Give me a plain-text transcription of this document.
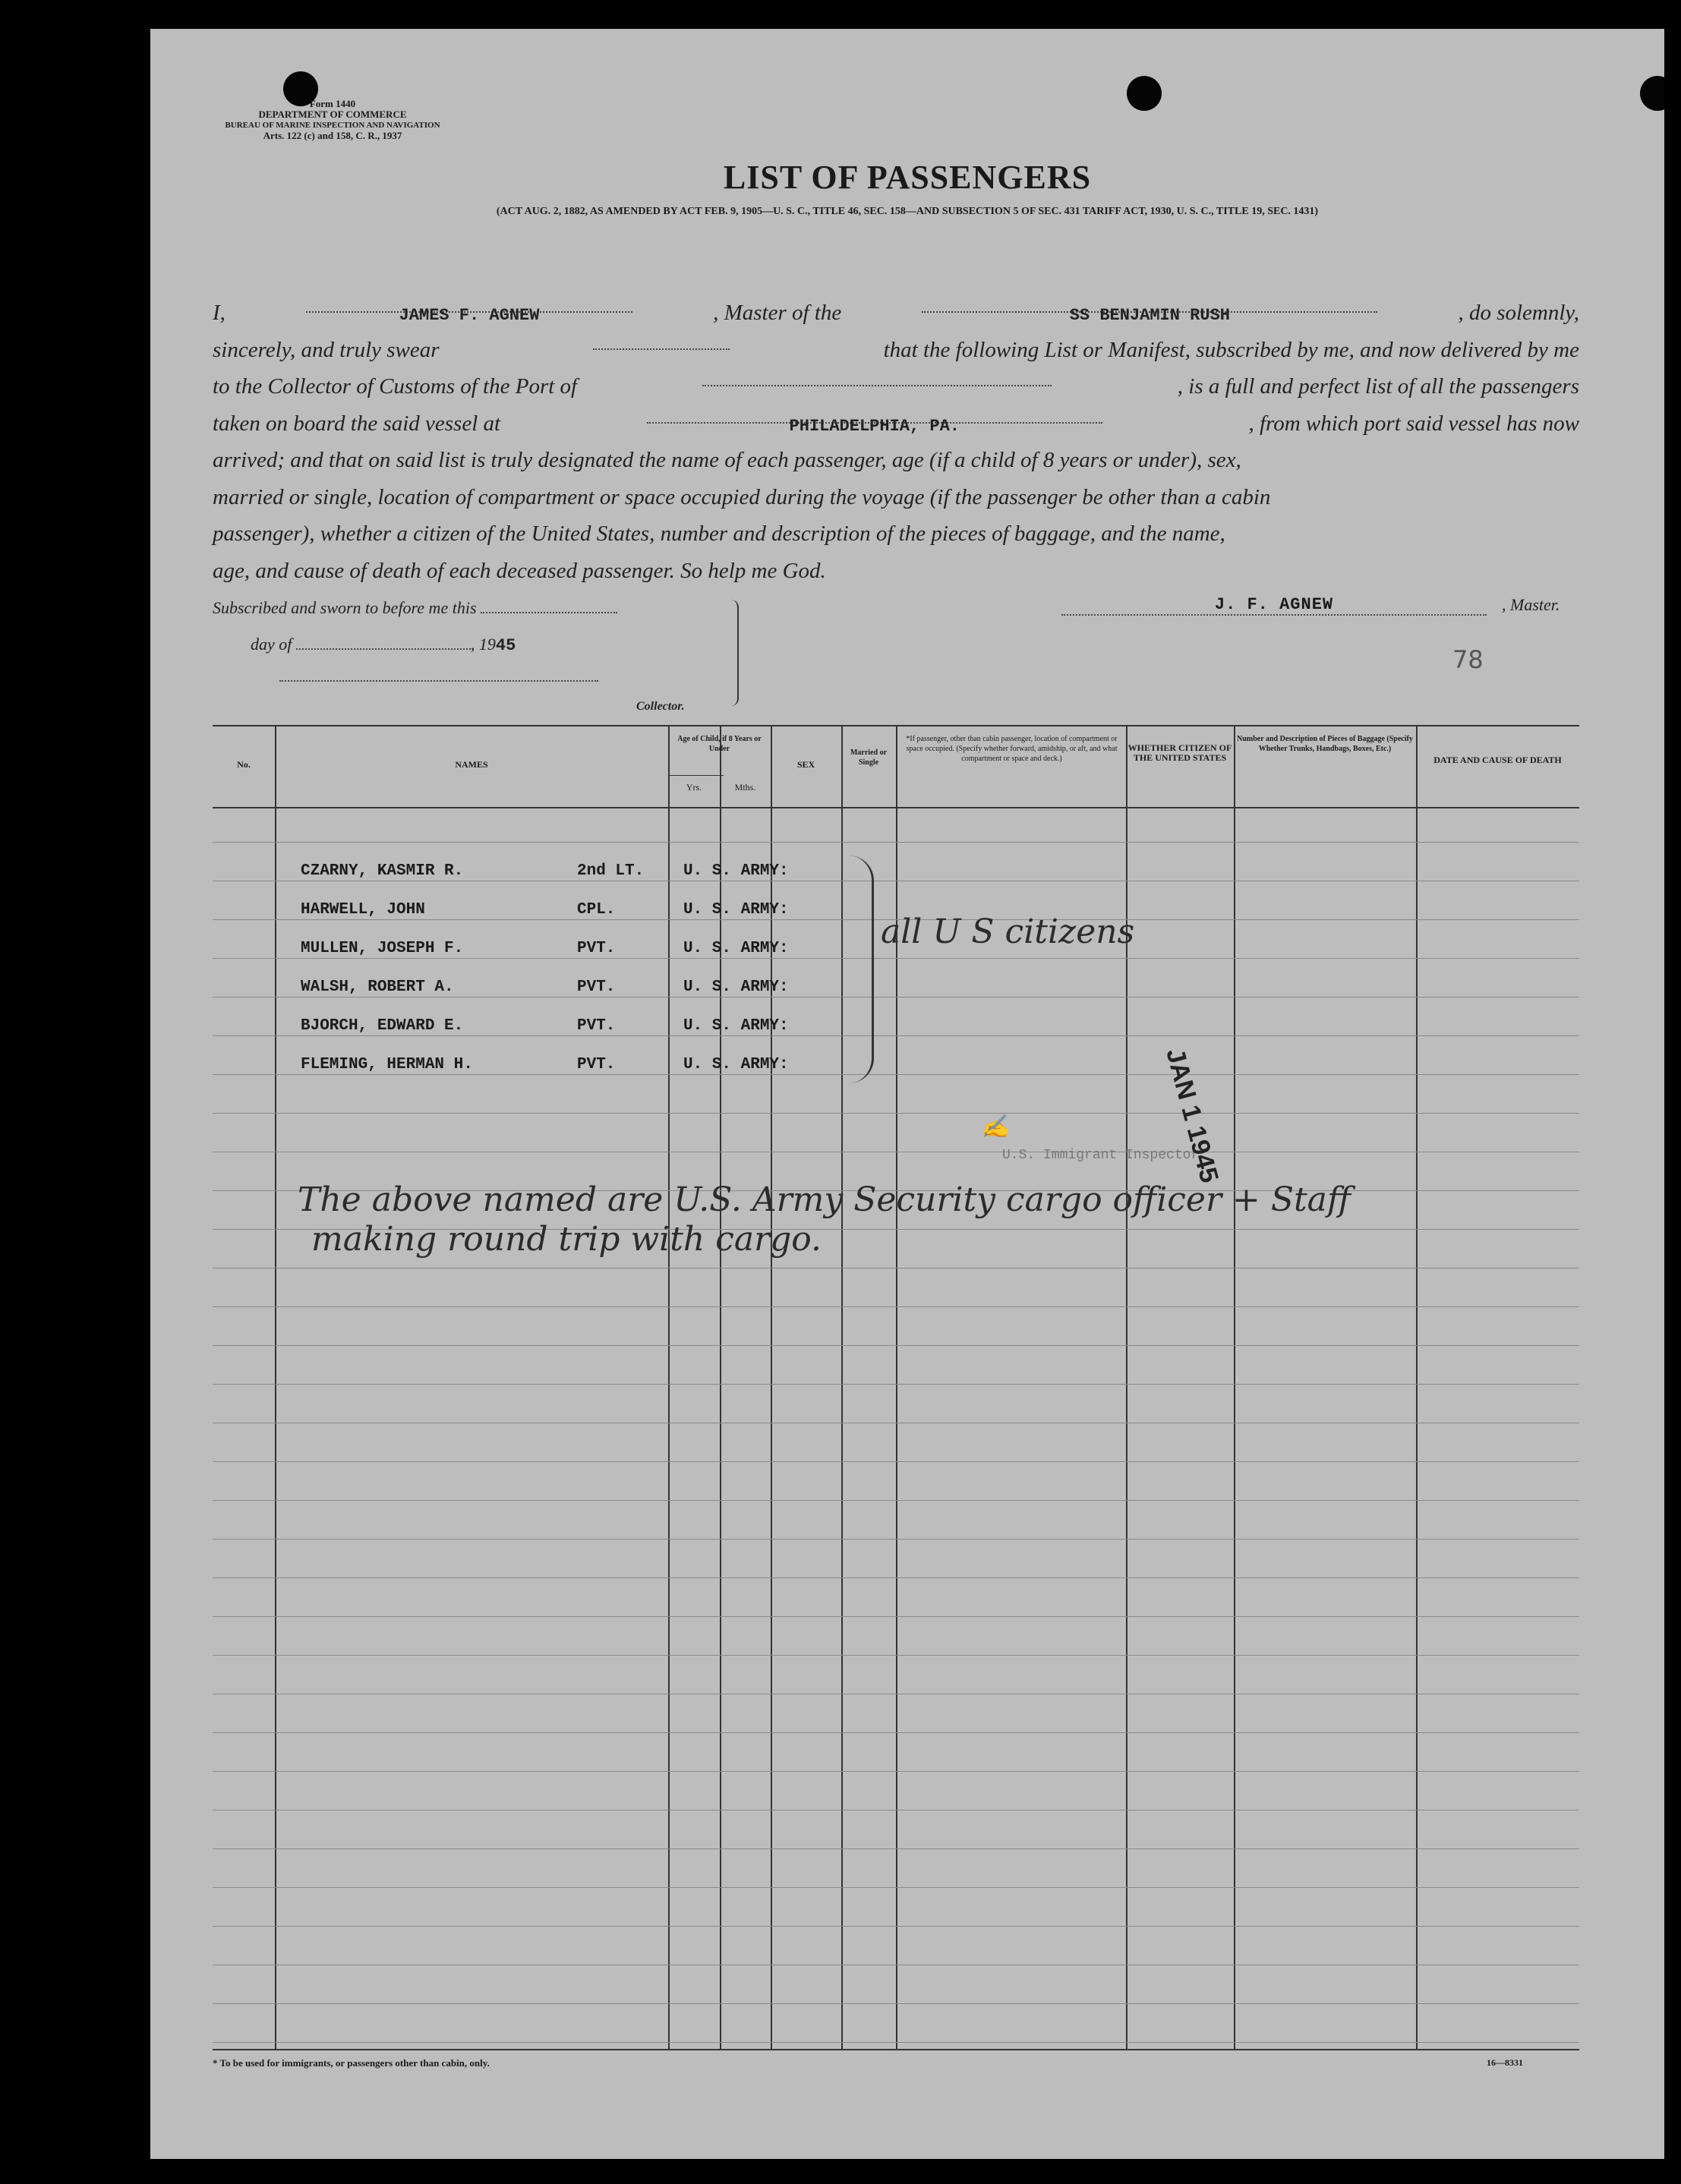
Form 1440
DEPARTMENT OF COMMERCE
BUREAU OF MARINE INSPECTION AND NAVIGATION
Arts. 122 (c) and 158, C. R., 1937
LIST OF PASSENGERS
(ACT AUG. 2, 1882, AS AMENDED BY ACT FEB. 9, 1905—U. S. C., TITLE 46, SEC. 158—AND SUBSECTION 5 OF SEC. 431 TARIFF ACT, 1930, U. S. C., TITLE 19, SEC. 1431)
I,	JAMES F. AGNEW	, Master of the	SS BENJAMIN RUSH	, do solemnly,
sincerely, and truly swear	that the following List or Manifest, subscribed by me, and now delivered by me
to the Collector of Customs of the Port of	, is a full and perfect list of all the passengers
taken on board the said vessel at	PHILADELPHIA, PA.	, from which port said vessel has now
arrived; and that on said list is truly designated the name of each passenger, age (if a child of 8 years or under), sex,
married or single, location of compartment or space occupied during the voyage (if the passenger be other than a cabin
passenger), whether a citizen of the United States, number and description of the pieces of baggage, and the name,
age, and cause of death of each deceased passenger. So help me God.
Subscribed and sworn to before me this
day of	, 1945
Collector.
J. F. AGNEW	, Master.
78
No.	NAMES
Age of Child, if 8 Years or Under
Yrs.	Mths.
SEX
Married or Single
*If passenger, other than cabin passenger, location of compartment or space occupied. (Specify whether forward, amidship, or aft, and what compartment or space and deck.)
WHETHER CITIZEN OF THE UNITED STATES
Number and Description of Pieces of Baggage (Specify Whether Trunks, Handbags, Boxes, Etc.)
DATE AND CAUSE OF DEATH
CZARNY, KASMIR R.	2nd LT. U. S. ARMY:
HARWELL, JOHN	CPL.	U. S. ARMY:
MULLEN, JOSEPH F.	PVT.	U. S. ARMY:
WALSH, ROBERT A.	PVT.	U. S. ARMY:
BJORCH, EDWARD E.	PVT.	U. S. ARMY:
FLEMING, HERMAN H.	PVT.	U. S. ARMY:
all U S citizens
✍
U.S. Immigrant Inspector
JAN 1 1945
The above named are U.S. Army Security cargo officer + Staff
making round trip with cargo.
* To be used for immigrants, or passengers other than cabin, only.	16—8331
